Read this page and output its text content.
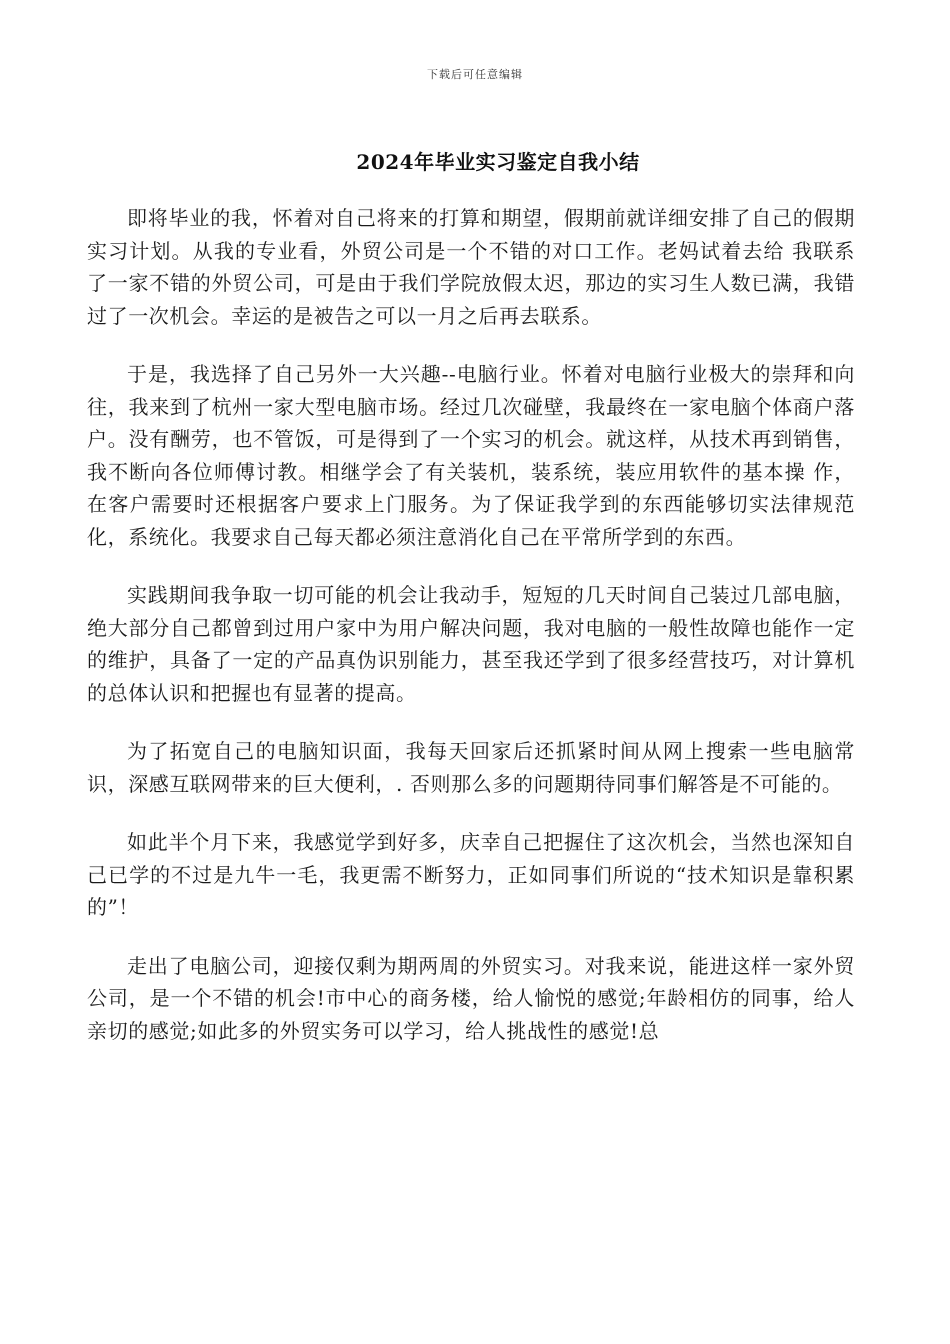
下载后可任意编辑
2024年毕业实习鉴定自我小结

即将毕业的我，怀着对自己将来的打算和期望，假期前就详细安排了自己的假期实习计划。从我的专业看，外贸公司是一个不错的对口工作。老妈试着去给 我联系了一家不错的外贸公司，可是由于我们学院放假太迟，那边的实习生人数已满，我错过了一次机会。幸运的是被告之可以一月之后再去联系。

于是，我选择了自己另外一大兴趣--电脑行业。怀着对电脑行业极大的崇拜和向往，我来到了杭州一家大型电脑市场。经过几次碰壁，我最终在一家电脑个体商户落 户。没有酬劳，也不管饭，可是得到了一个实习的机会。就这样，从技术再到销售，我不断向各位师傅讨教。相继学会了有关装机，装系统，装应用软件的基本操 作，在客户需要时还根据客户要求上门服务。为了保证我学到的东西能够切实法律规范化，系统化。我要求自己每天都必须注意消化自己在平常所学到的东西。

实践期间我争取一切可能的机会让我动手，短短的几天时间自己装过几部电脑，绝大部分自己都曾到过用户家中为用户解决问题，我对电脑的一般性故障也能作一定的维护，具备了一定的产品真伪识别能力，甚至我还学到了很多经营技巧，对计算机的总体认识和把握也有显著的提高。

为了拓宽自己的电脑知识面，我每天回家后还抓紧时间从网上搜索一些电脑常识，深感互联网带来的巨大便利，. 否则那么多的问题期待同事们解答是不可能的。

如此半个月下来，我感觉学到好多，庆幸自己把握住了这次机会，当然也深知自己已学的不过是九牛一毛，我更需不断努力，正如同事们所说的“技术知识是靠积累的”！

走出了电脑公司，迎接仅剩为期两周的外贸实习。对我来说，能进这样一家外贸公司，是一个不错的机会!市中心的商务楼，给人愉悦的感觉;年龄相仿的同事，给人亲切的感觉;如此多的外贸实务可以学习，给人挑战性的感觉!总
